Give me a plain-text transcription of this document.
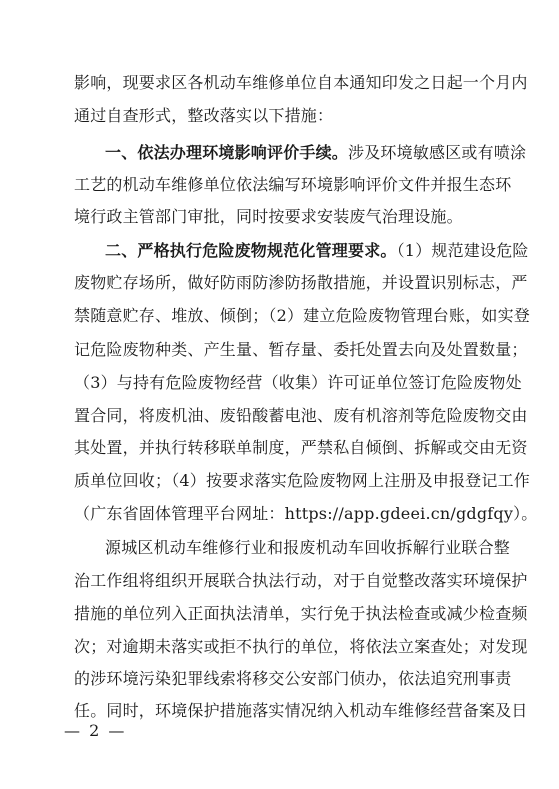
影响，现要求区各机动车维修单位自本通知印发之日起一个月内
通过自查形式，整改落实以下措施：
一、依法办理环境影响评价手续。涉及环境敏感区或有喷涂
工艺的机动车维修单位依法编写环境影响评价文件并报生态环
境行政主管部门审批，同时按要求安装废气治理设施。
二、严格执行危险废物规范化管理要求。（1）规范建设危险
废物贮存场所，做好防雨防渗防扬散措施，并设置识别标志，严
禁随意贮存、堆放、倾倒；（2）建立危险废物管理台账，如实登
记危险废物种类、产生量、暂存量、委托处置去向及处置数量；
（3）与持有危险废物经营（收集）许可证单位签订危险废物处
置合同，将废机油、废铅酸蓄电池、废有机溶剂等危险废物交由
其处置，并执行转移联单制度，严禁私自倾倒、拆解或交由无资
质单位回收；（4）按要求落实危险废物网上注册及申报登记工作
（广东省固体管理平台网址：https://app.gdeei.cn/gdgfqy）。
源城区机动车维修行业和报废机动车回收拆解行业联合整
治工作组将组织开展联合执法行动，对于自觉整改落实环境保护
措施的单位列入正面执法清单，实行免于执法检查或减少检查频
次；对逾期未落实或拒不执行的单位，将依法立案查处；对发现
的涉环境污染犯罪线索将移交公安部门侦办，依法追究刑事责
任。同时，环境保护措施落实情况纳入机动车维修经营备案及日
— 2 —
